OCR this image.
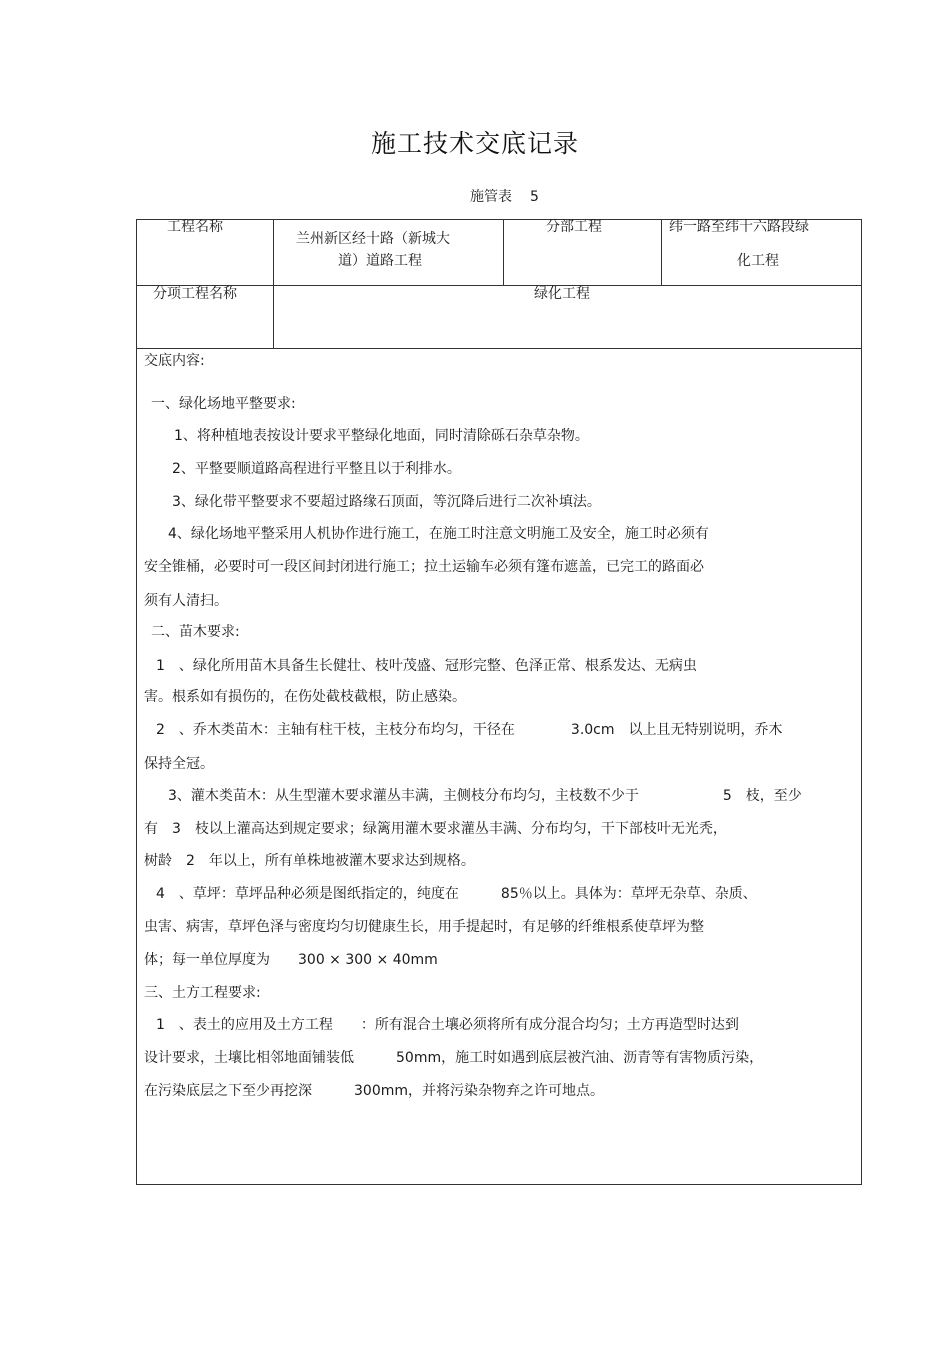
施工技术交底记录
施管表 5
工程名称
兰州新区经十路（新城大
道）道路工程
分部工程	纬一路至纬十六路段绿
化工程
分项工程名称	绿化工程
交底内容:
一、绿化场地平整要求:
1、将种植地表按设计要求平整绿化地面，同时清除砾石杂草杂物。
2、平整要顺道路高程进行平整且以于利排水。
3、绿化带平整要求不要超过路缘石顶面，等沉降后进行二次补填法。
4、绿化场地平整采用人机协作进行施工，在施工时注意文明施工及安全，施工时必须有
安全锥桶，必要时可一段区间封闭进行施工；拉土运输车必须有篷布遮盖，已完工的路面必
须有人清扫。
二、苗木要求:
1　、绿化所用苗木具备生长健壮、枝叶茂盛、冠形完整、色泽正常、根系发达、无病虫
害。根系如有损伤的，在伤处截枝截根，防止感染。
2　、乔木类苗木：主轴有柱干枝，主枝分布均匀，干径在　　　　3.0cm　以上且无特别说明，乔木
保持全冠。
3、灌木类苗木：从生型灌木要求灌丛丰满，主侧枝分布均匀，主枝数不少于　　　　　　5　枝，至少
有　3　枝以上灌高达到规定要求；绿篱用灌木要求灌丛丰满、分布均匀，干下部枝叶无光秃，
树龄　2　年以上，所有单株地被灌木要求达到规格。
4　、草坪：草坪品种必须是图纸指定的，纯度在　　　85％以上。具体为：草坪无杂草、杂质、
虫害、病害，草坪色泽与密度均匀切健康生长，用手提起时，有足够的纤维根系使草坪为整
体；每一单位厚度为　　300 × 300 × 40mm
三、土方工程要求:
1　、表土的应用及土方工程　　：所有混合土壤必须将所有成分混合均匀；土方再造型时达到
设计要求，土壤比相邻地面铺装低　　　50mm，施工时如遇到底层被汽油、沥青等有害物质污染，
在污染底层之下至少再挖深　　　300mm，并将污染杂物弃之许可地点。
